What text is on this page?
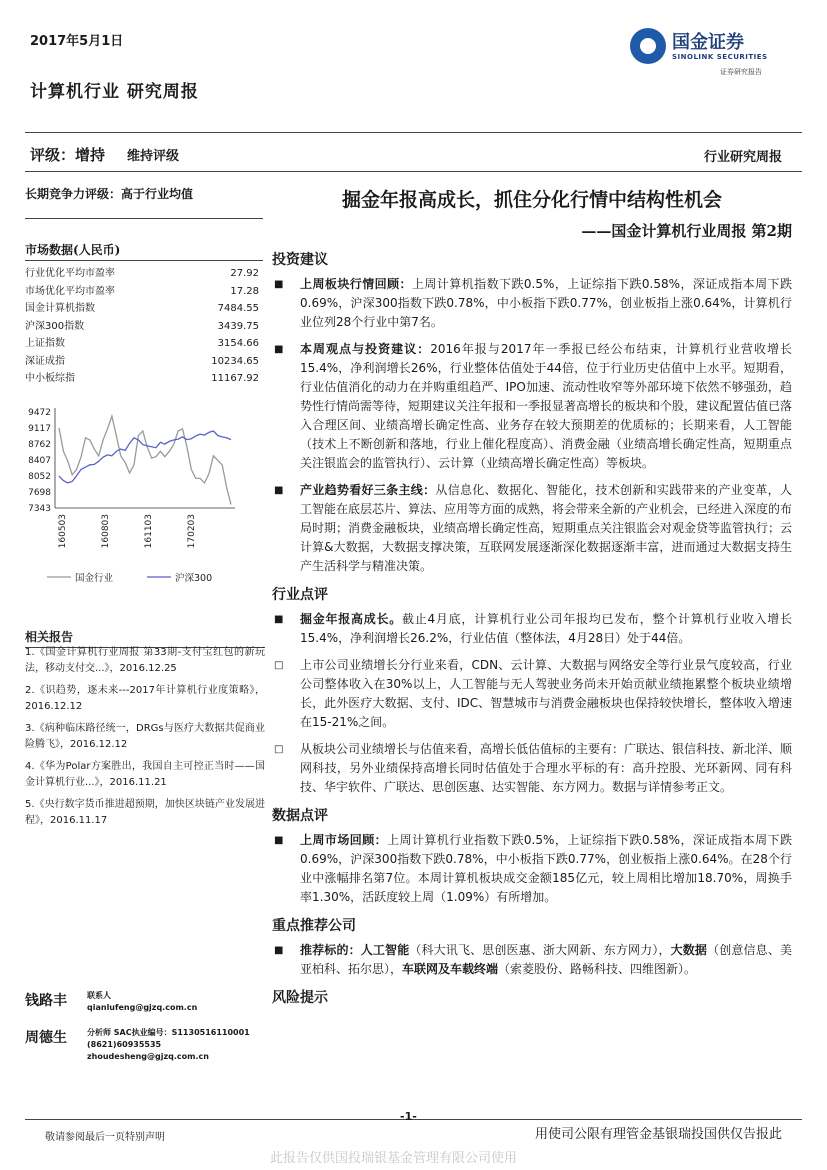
2017年5月1日
计算机行业 研究周报
国金证券
SINOLINK SECURITIES
证券研究报告
评级：增持 维持评级	行业研究周报
长期竞争力评级：高于行业均值
市场数据(人民币)
行业优化平均市盈率	27.92
市场优化平均市盈率	17.28
国金计算机指数	7484.55
沪深300指数	3439.75
上证指数	3154.66
深证成指	10234.65
中小板综指	11167.92
9472
9117
8762
8407
8052
7698
7343
160503	160803	161103	170203
国金行业	沪深300
相关报告
1.《国金计算机行业周报 第33期-支付宝红包的新玩法，移动支付交...》，2016.12.25
2.《识趋势，逐未来---2017年计算机行业度策略》，2016.12.12
3.《病种临床路径统一，DRGs与医疗大数据共促商业险腾飞》，2016.12.12
4.《华为Polar方案胜出，我国自主可控正当时——国金计算机行业...》，2016.11.21
5.《央行数字货币推进超预期，加快区块链产业发展进程》，2016.11.17
钱路丰	联系人
qianlufeng@gjzq.com.cn
周德生	分析师 SAC执业编号：S1130516110001
(8621)60935535
zhoudesheng@gjzq.com.cn
掘金年报高成长，抓住分化行情中结构性机会
——国金计算机行业周报 第2期
投资建议
■ 上周板块行情回顾：上周计算机指数下跌0.5%，上证综指下跌0.58%，深证成指本周下跌0.69%，沪深300指数下跌0.78%，中小板指下跌0.77%，创业板指上涨0.64%，计算机行业位列28个行业中第7名。
■ 本周观点与投资建议：2016年报与2017年一季报已经公布结束，计算机行业营收增长15.4%，净利润增长26%，行业整体估值处于44倍，位于行业历史估值中上水平。短期看，行业估值消化的动力在并购重组趋严、IPO加速、流动性收窄等外部环境下依然不够强劲，趋势性行情尚需等待，短期建议关注年报和一季报显著高增长的板块和个股，建议配置估值已落入合理区间、业绩高增长确定性高、业务存在较大预期差的优质标的；长期来看，人工智能（技术上不断创新和落地，行业上催化程度高）、消费金融（业绩高增长确定性高，短期重点关注银监会的监管执行）、云计算（业绩高增长确定性高）等板块。
■ 产业趋势看好三条主线：从信息化、数据化、智能化，技术创新和实践带来的产业变革，人工智能在底层芯片、算法、应用等方面的成熟，将会带来全新的产业机会，已经进入深度的布局时期；消费金融板块，业绩高增长确定性高，短期重点关注银监会对观金贷等监管执行；云计算&大数据，大数据支撑决策，互联网发展逐渐深化数据逐渐丰富，进而通过大数据支持生产生活科学与精准决策。
行业点评
■ 掘金年报高成长。截止4月底，计算机行业公司年报均已发布，整个计算机行业收入增长15.4%，净利润增长26.2%，行业估值（整体法，4月28日）处于44倍。
□ 上市公司业绩增长分行业来看，CDN、云计算、大数据与网络安全等行业景气度较高，行业公司整体收入在30%以上，人工智能与无人驾驶业务尚未开始贡献业绩拖累整个板块业绩增长，此外医疗大数据、支付、IDC、智慧城市与消费金融板块也保持较快增长，整体收入增速在15-21%之间。
□ 从板块公司业绩增长与估值来看，高增长低估值标的主要有：广联达、银信科技、新北洋、顺网科技，另外业绩保持高增长同时估值处于合理水平标的有：高升控股、光环新网、同有科技、华宇软件、广联达、思创医惠、达实智能、东方网力。数据与详情参考正文。
数据点评
■ 上周市场回顾：上周计算机行业指数下跌0.5%，上证综指下跌0.58%，深证成指本周下跌0.69%，沪深300指数下跌0.78%，中小板指下跌0.77%，创业板指上涨0.64%。在28个行业中涨幅排名第7位。本周计算机板块成交金额185亿元，较上周相比增加18.70%，周换手率1.30%，活跃度较上周（1.09%）有所增加。
重点推荐公司
■ 推荐标的：人工智能（科大讯飞、思创医惠、浙大网新、东方网力），大数据（创意信息、美亚柏科、拓尔思），车联网及车载终端（索菱股份、路畅科技、四维图新）。
风险提示
-1-
敬请参阅最后一页特别声明	用使司公限有理管金基银瑞投国供仅告报此
此报告仅供国投瑞银基金管理有限公司使用
